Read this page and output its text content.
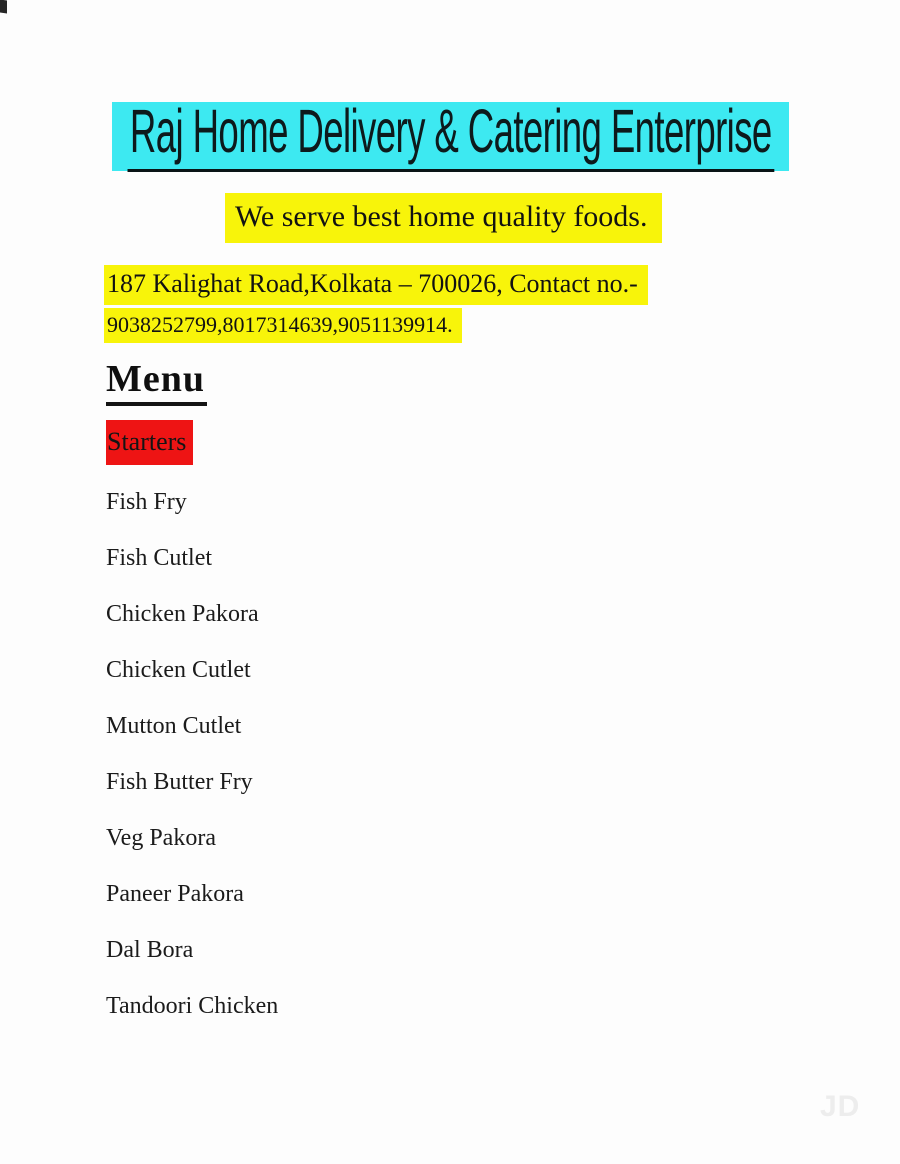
Raj Home Delivery & Catering Enterprise
We serve best home quality foods.
187 Kalighat Road,Kolkata – 700026, Contact no.-
9038252799,8017314639,9051139914.
Menu
Starters
Fish Fry
Fish Cutlet
Chicken Pakora
Chicken Cutlet
Mutton Cutlet
Fish Butter Fry
Veg Pakora
Paneer Pakora
Dal Bora
Tandoori Chicken
JD
